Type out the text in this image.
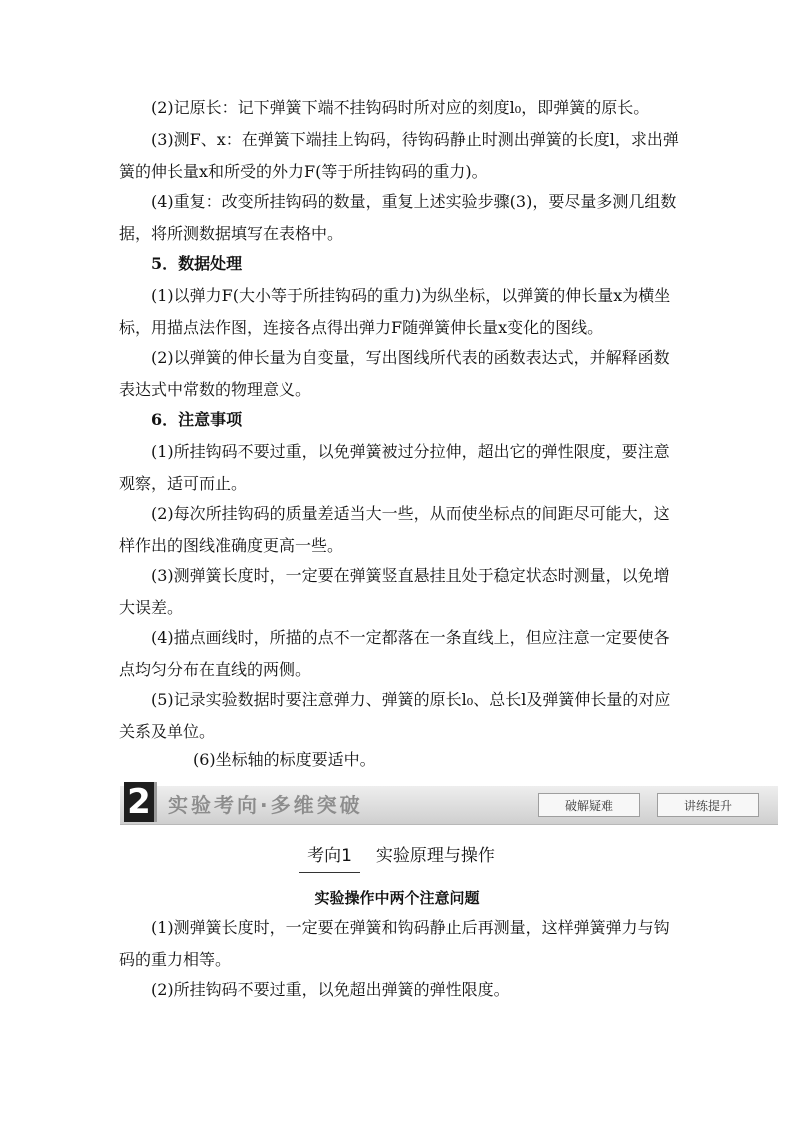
(2)记原长：记下弹簧下端不挂钩码时所对应的刻度l₀，即弹簧的原长。

(3)测F、x：在弹簧下端挂上钩码，待钩码静止时测出弹簧的长度l，求出弹簧的伸长量x和所受的外力F(等于所挂钩码的重力)。

(4)重复：改变所挂钩码的数量，重复上述实验步骤(3)，要尽量多测几组数据，将所测数据填写在表格中。

5．数据处理

(1)以弹力F(大小等于所挂钩码的重力)为纵坐标，以弹簧的伸长量x为横坐标，用描点法作图，连接各点得出弹力F随弹簧伸长量x变化的图线。

(2)以弹簧的伸长量为自变量，写出图线所代表的函数表达式，并解释函数表达式中常数的物理意义。

6．注意事项

(1)所挂钩码不要过重，以免弹簧被过分拉伸，超出它的弹性限度，要注意观察，适可而止。

(2)每次所挂钩码的质量差适当大一些，从而使坐标点的间距尽可能大，这样作出的图线准确度更高一些。

(3)测弹簧长度时，一定要在弹簧竖直悬挂且处于稳定状态时测量，以免增大误差。

(4)描点画线时，所描的点不一定都落在一条直线上，但应注意一定要使各点均匀分布在直线的两侧。

(5)记录实验数据时要注意弹力、弹簧的原长l₀、总长l及弹簧伸长量的对应关系及单位。

(6)坐标轴的标度要适中。

2 实验考向·多维突破	破解疑难	讲练提升
考向1 实验原理与操作
实验操作中两个注意问题

(1)测弹簧长度时，一定要在弹簧和钩码静止后再测量，这样弹簧弹力与钩码的重力相等。

(2)所挂钩码不要过重，以免超出弹簧的弹性限度。
